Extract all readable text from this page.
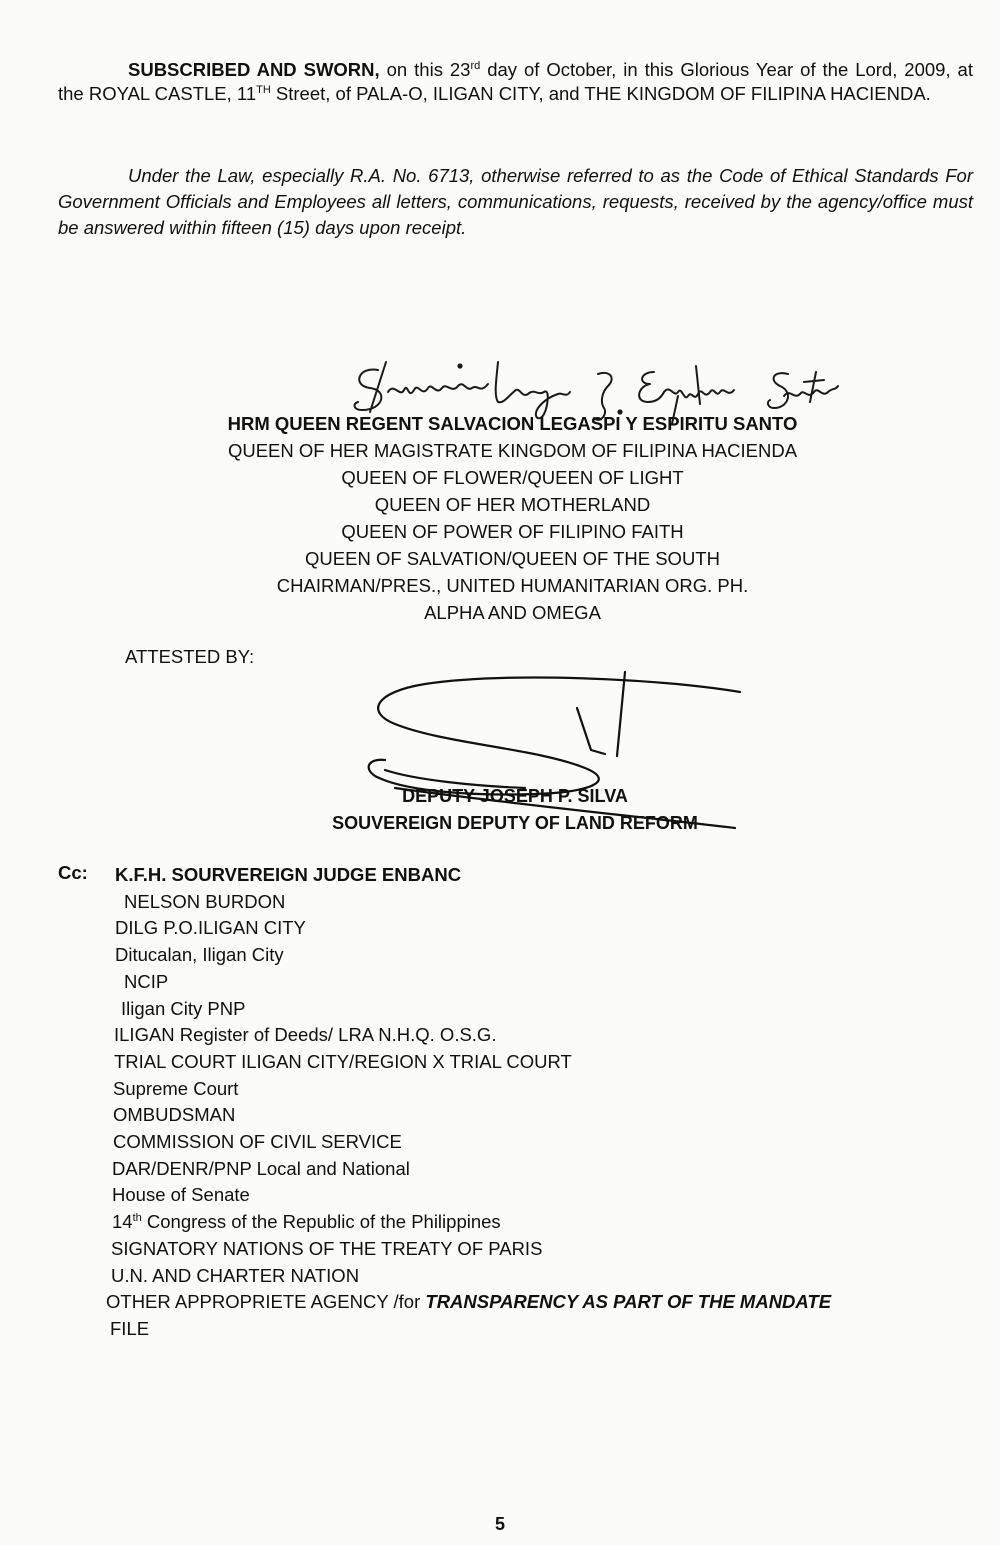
SUBSCRIBED AND SWORN, on this 23rd day of October, in this Glorious Year of the Lord, 2009, at the ROYAL CASTLE, 11TH Street, of PALA-O, ILIGAN CITY, and THE KINGDOM OF FILIPINA HACIENDA.
Under the Law, especially R.A. No. 6713, otherwise referred to as the Code of Ethical Standards For Government Officials and Employees all letters, communications, requests, received by the agency/office must be answered within fifteen (15) days upon receipt.
HRM QUEEN REGENT SALVACION LEGASPI Y ESPIRITU SANTO
QUEEN OF HER MAGISTRATE KINGDOM OF FILIPINA HACIENDA
QUEEN OF FLOWER/QUEEN OF LIGHT
QUEEN OF HER MOTHERLAND
QUEEN OF POWER OF FILIPINO FAITH
QUEEN OF SALVATION/QUEEN OF THE SOUTH
CHAIRMAN/PRES., UNITED HUMANITARIAN ORG. PH.
ALPHA AND OMEGA
ATTESTED BY:
DEPUTY JOSEPH P. SILVA
SOUVEREIGN DEPUTY OF LAND REFORM
Cc: K.F.H. SOURVEREIGN JUDGE ENBANC
NELSON BURDON
DILG P.O.ILIGAN CITY
Ditucalan, Iligan City
NCIP
Iligan City PNP
ILIGAN Register of Deeds/ LRA N.H.Q. O.S.G.
TRIAL COURT ILIGAN CITY/REGION X TRIAL COURT
Supreme Court
OMBUDSMAN
COMMISSION OF CIVIL SERVICE
DAR/DENR/PNP Local and National
House of Senate
14th Congress of the Republic of the Philippines
SIGNATORY NATIONS OF THE TREATY OF PARIS
U.N. AND CHARTER NATION
OTHER APPROPRIETE AGENCY /for TRANSPARENCY AS PART OF THE MANDATE
FILE
5
